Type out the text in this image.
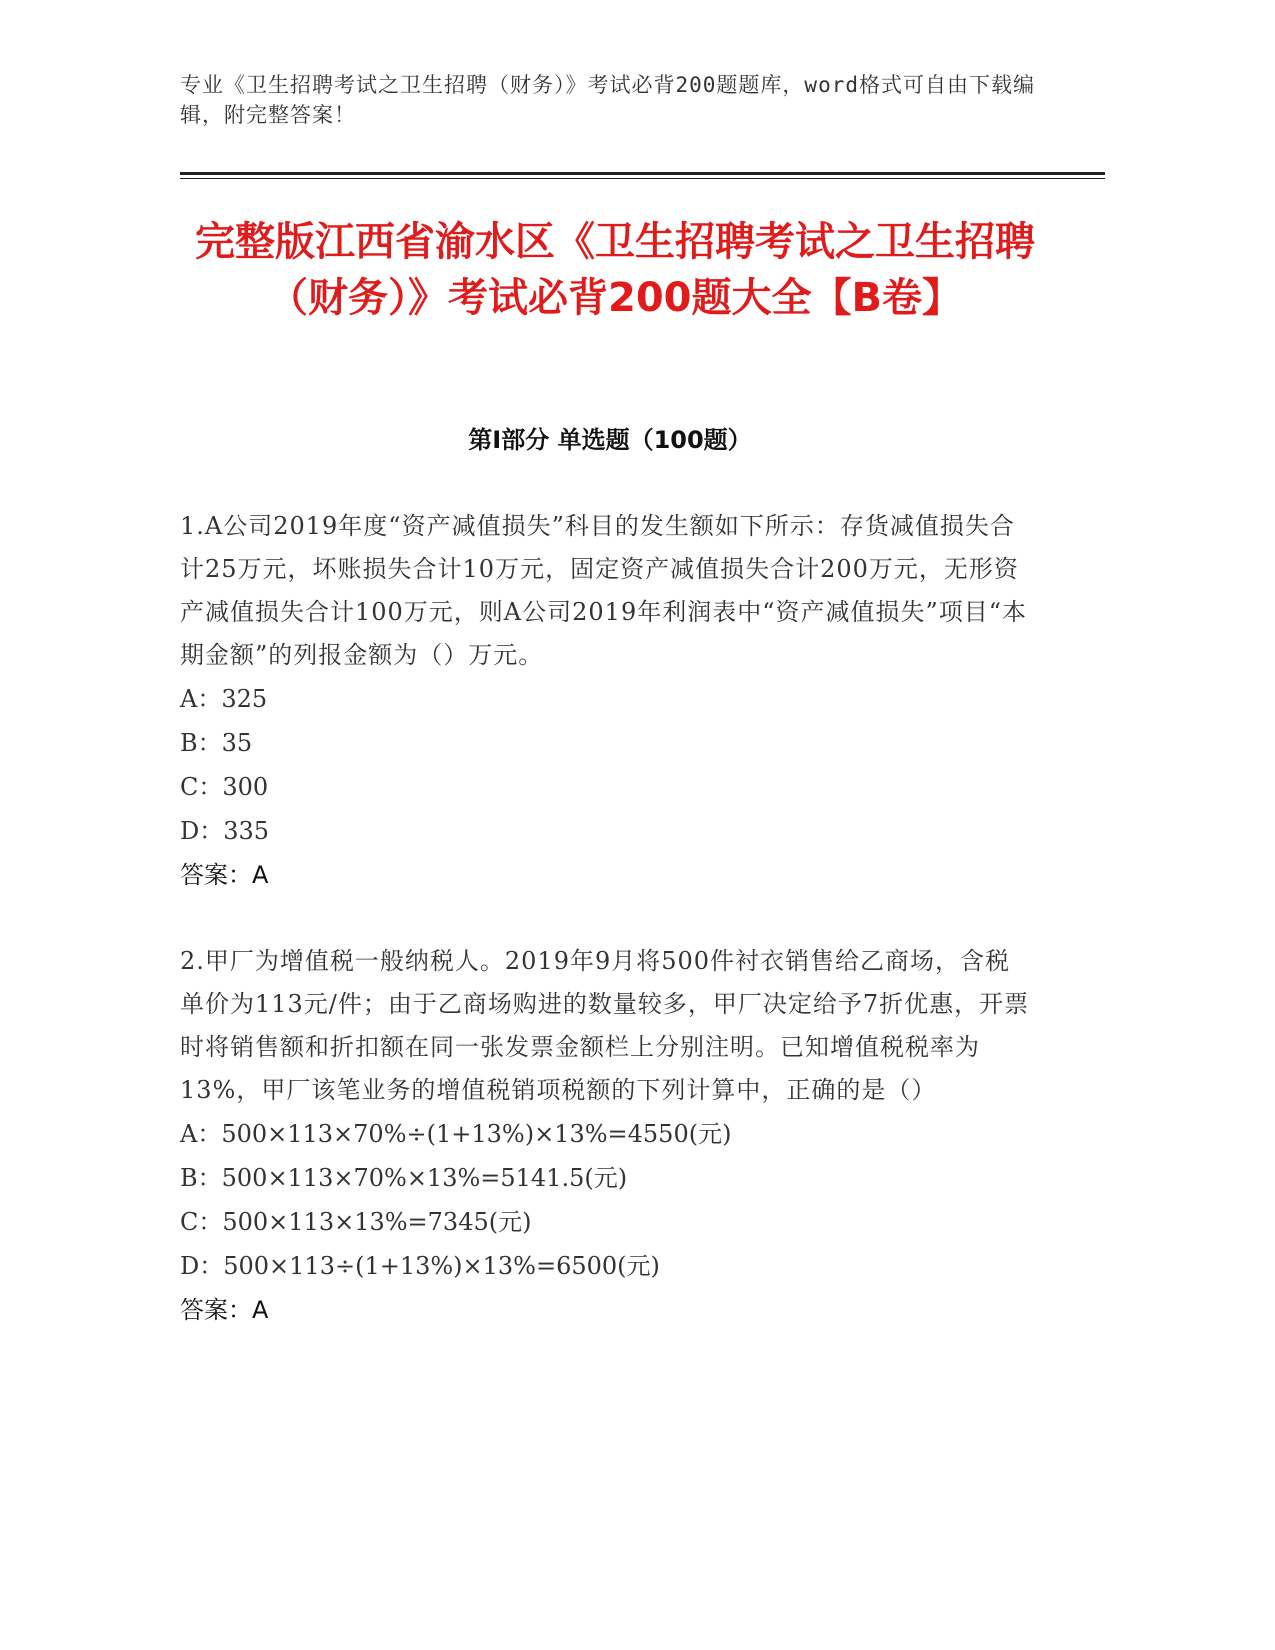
专业《卫生招聘考试之卫生招聘（财务）》考试必背200题题库，word格式可自由下载编辑，附完整答案！
完整版江西省渝水区《卫生招聘考试之卫生招聘（财务）》考试必背200题大全【B卷】
第Ⅰ部分 单选题（100题）

1.A公司2019年度“资产减值损失”科目的发生额如下所示：存货减值损失合计25万元，坏账损失合计10万元，固定资产减值损失合计200万元，无形资产减值损失合计100万元，则A公司2019年利润表中“资产减值损失”项目“本期金额”的列报金额为（）万元。

A：325

B：35

C：300

D：335

答案：A

2.甲厂为增值税一般纳税人。2019年9月将500件衬衣销售给乙商场，含税单价为113元/件；由于乙商场购进的数量较多，甲厂决定给予7折优惠，开票时将销售额和折扣额在同一张发票金额栏上分别注明。已知增值税税率为13%，甲厂该笔业务的增值税销项税额的下列计算中，正确的是（）

A：500×113×70%÷(1+13%)×13%=4550(元)

B：500×113×70%×13%=5141.5(元)

C：500×113×13%=7345(元)

D：500×113÷(1+13%)×13%=6500(元)

答案：A
